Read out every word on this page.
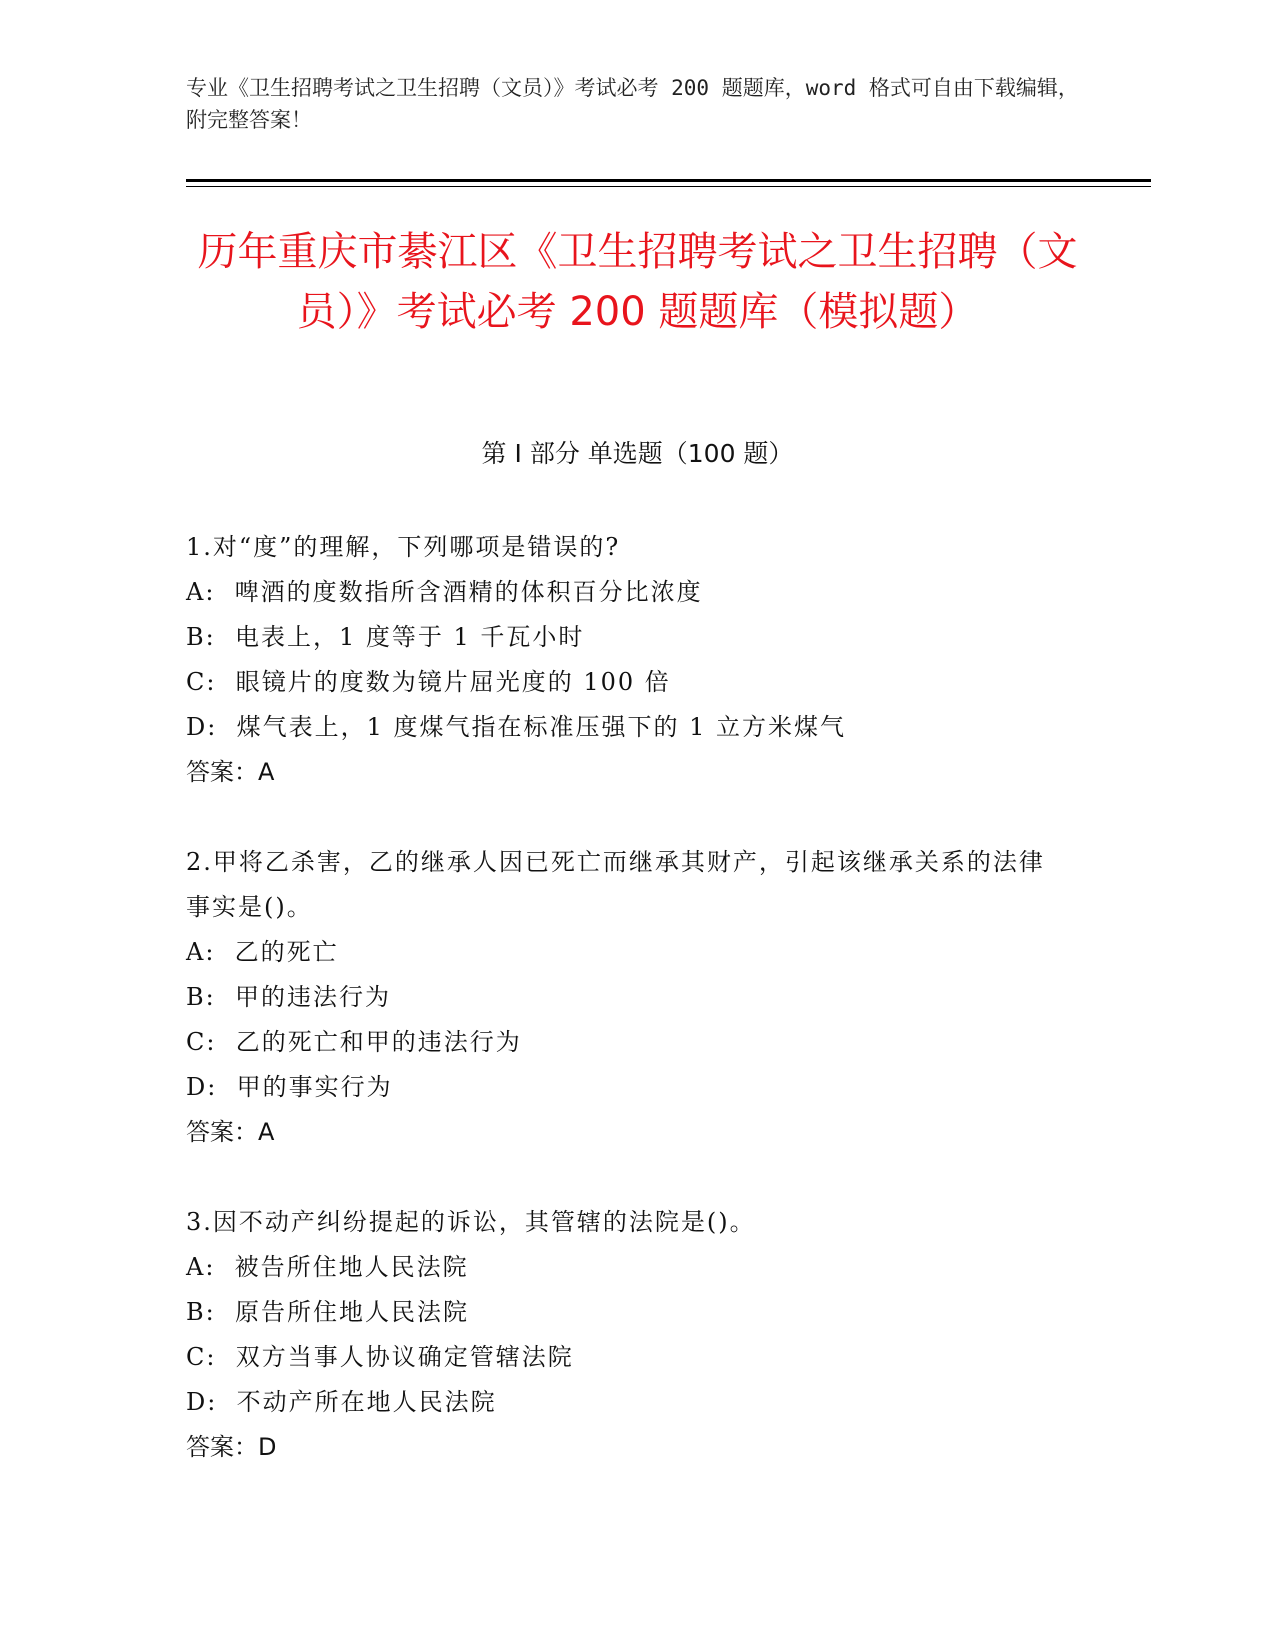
专业《卫生招聘考试之卫生招聘（文员）》考试必考 200 题题库，word 格式可自由下载编辑，附完整答案！
历年重庆市綦江区《卫生招聘考试之卫生招聘（文员）》考试必考 200 题题库（模拟题）
第 I 部分 单选题（100 题）
1.对“度”的理解，下列哪项是错误的?
A:  啤酒的度数指所含酒精的体积百分比浓度
B:  电表上，1 度等于 1 千瓦小时
C:  眼镜片的度数为镜片屈光度的 100 倍
D:  煤气表上，1 度煤气指在标准压强下的 1 立方米煤气
答案：A
2.甲将乙杀害，乙的继承人因已死亡而继承其财产，引起该继承关系的法律事实是()。
A:  乙的死亡
B:  甲的违法行为
C:  乙的死亡和甲的违法行为
D:  甲的事实行为
答案：A
3.因不动产纠纷提起的诉讼，其管辖的法院是()。
A:  被告所住地人民法院
B:  原告所住地人民法院
C:  双方当事人协议确定管辖法院
D:  不动产所在地人民法院
答案：D
